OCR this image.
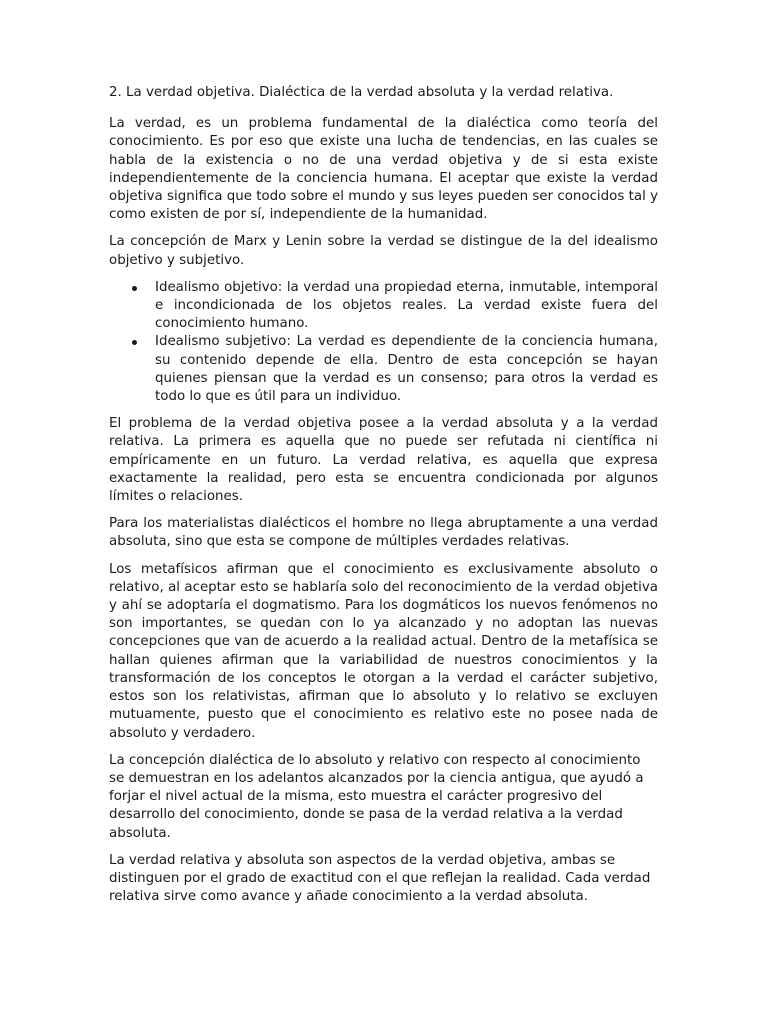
2. La verdad objetiva. Dialéctica de la verdad absoluta y la verdad relativa.

La verdad, es un problema fundamental de la dialéctica como teoría del conocimiento. Es por eso que existe una lucha de tendencias, en las cuales se habla de la existencia o no de una verdad objetiva y de si esta existe independientemente de la conciencia humana. El aceptar que existe la verdad objetiva significa que todo sobre el mundo y sus leyes pueden ser conocidos tal y como existen de por sí, independiente de la humanidad.

La concepción de Marx y Lenin sobre la verdad se distingue de la del idealismo objetivo y subjetivo.

Idealismo objetivo: la verdad una propiedad eterna, inmutable, intemporal e incondicionada de los objetos reales. La verdad existe fuera del conocimiento humano.
Idealismo subjetivo: La verdad es dependiente de la conciencia humana, su contenido depende de ella. Dentro de esta concepción se hayan quienes piensan que la verdad es un consenso; para otros la verdad es todo lo que es útil para un individuo.

El problema de la verdad objetiva posee a la verdad absoluta y a la verdad relativa. La primera es aquella que no puede ser refutada ni científica ni empíricamente en un futuro. La verdad relativa, es aquella que expresa exactamente la realidad, pero esta se encuentra condicionada por algunos límites o relaciones.

Para los materialistas dialécticos el hombre no llega abruptamente a una verdad absoluta, sino que esta se compone de múltiples verdades relativas.

Los metafísicos afirman que el conocimiento es exclusivamente absoluto o relativo, al aceptar esto se hablaría solo del reconocimiento de la verdad objetiva y ahí se adoptaría el dogmatismo. Para los dogmáticos los nuevos fenómenos no son importantes, se quedan con lo ya alcanzado y no adoptan las nuevas concepciones que van de acuerdo a la realidad actual. Dentro de la metafísica se hallan quienes afirman que la variabilidad de nuestros conocimientos y la transformación de los conceptos le otorgan a la verdad el carácter subjetivo, estos son los relativistas, afirman que lo absoluto y lo relativo se excluyen mutuamente, puesto que el conocimiento es relativo este no posee nada de absoluto y verdadero.

La concepción dialéctica de lo absoluto y relativo con respecto al conocimiento se demuestran en los adelantos alcanzados por la ciencia antigua, que ayudó a forjar el nivel actual de la misma, esto muestra el carácter progresivo del desarrollo del conocimiento, donde se pasa de la verdad relativa a la verdad absoluta.

La verdad relativa y absoluta son aspectos de la verdad objetiva, ambas se distinguen por el grado de exactitud con el que reflejan la realidad. Cada verdad relativa sirve como avance y añade conocimiento a la verdad absoluta.
